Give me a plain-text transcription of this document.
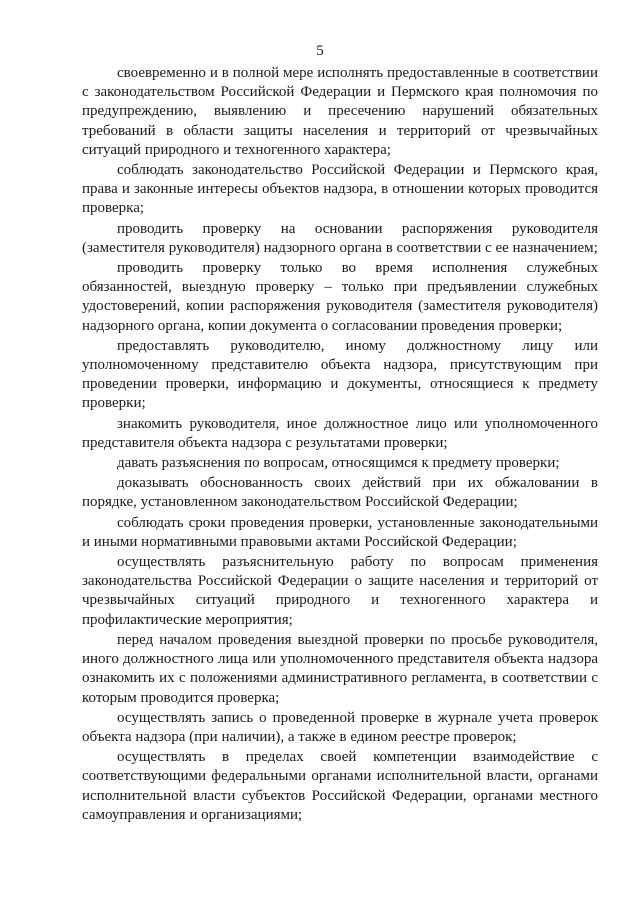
5

своевременно и в полной мере исполнять предоставленные в соответствии с законодательством Российской Федерации и Пермского края полномочия по предупреждению, выявлению и пресечению нарушений обязательных требований в области защиты населения и территорий от чрезвычайных ситуаций природного и техногенного характера;

соблюдать законодательство Российской Федерации и Пермского края, права и законные интересы объектов надзора, в отношении которых проводится проверка;

проводить проверку на основании распоряжения руководителя (заместителя руководителя) надзорного органа в соответствии с ее назначением;

проводить проверку только во время исполнения служебных обязанностей, выездную проверку – только при предъявлении служебных удостоверений, копии распоряжения руководителя (заместителя руководителя) надзорного органа, копии документа о согласовании проведения проверки;

предоставлять руководителю, иному должностному лицу или уполномоченному представителю объекта надзора, присутствующим при проведении проверки, информацию и документы, относящиеся к предмету проверки;

знакомить руководителя, иное должностное лицо или уполномоченного представителя объекта надзора с результатами проверки;

давать разъяснения по вопросам, относящимся к предмету проверки;

доказывать обоснованность своих действий при их обжаловании в порядке, установленном законодательством Российской Федерации;

соблюдать сроки проведения проверки, установленные законодательными и иными нормативными правовыми актами Российской Федерации;

осуществлять разъяснительную работу по вопросам применения законодательства Российской Федерации о защите населения и территорий от чрезвычайных ситуаций природного и техногенного характера и профилактические мероприятия;

перед началом проведения выездной проверки по просьбе руководителя, иного должностного лица или уполномоченного представителя объекта надзора ознакомить их с положениями административного регламента, в соответствии с которым проводится проверка;

осуществлять запись о проведенной проверке в журнале учета проверок объекта надзора (при наличии), а также в едином реестре проверок;

осуществлять в пределах своей компетенции взаимодействие с соответствующими федеральными органами исполнительной власти, органами исполнительной власти субъектов Российской Федерации, органами местного самоуправления и организациями;
